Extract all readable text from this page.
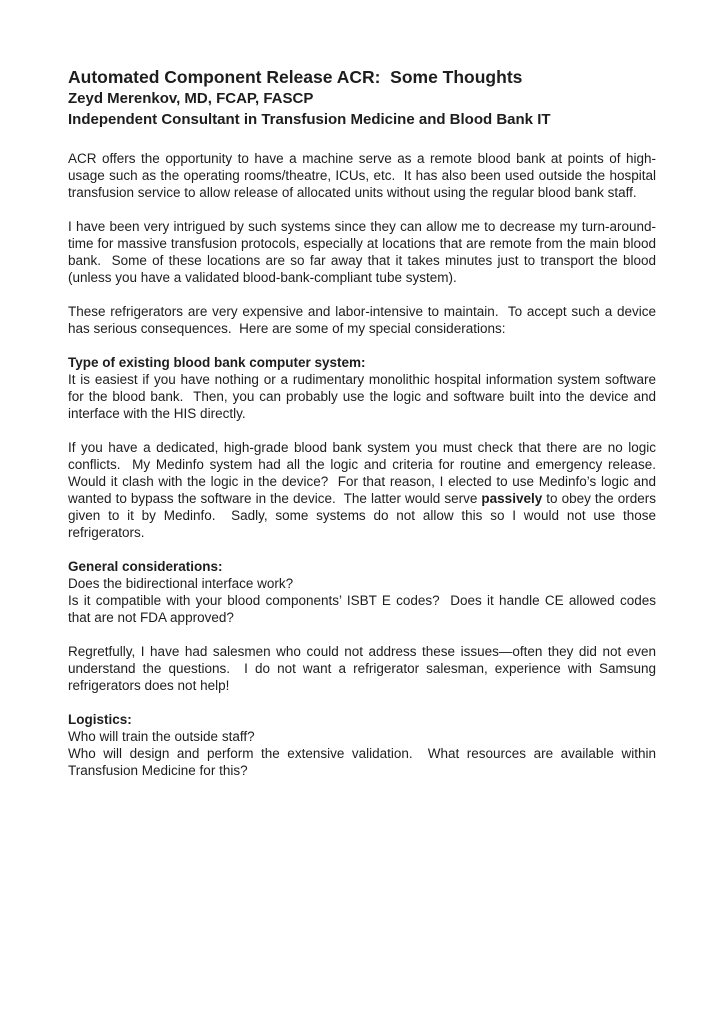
Automated Component Release ACR:  Some Thoughts
Zeyd Merenkov, MD, FCAP, FASCP
Independent Consultant in Transfusion Medicine and Blood Bank IT

ACR offers the opportunity to have a machine serve as a remote blood bank at points of high-usage such as the operating rooms/theatre, ICUs, etc.  It has also been used outside the hospital transfusion service to allow release of allocated units without using the regular blood bank staff.

I have been very intrigued by such systems since they can allow me to decrease my turn-around-time for massive transfusion protocols, especially at locations that are remote from the main blood bank.  Some of these locations are so far away that it takes minutes just to transport the blood (unless you have a validated blood-bank-compliant tube system).

These refrigerators are very expensive and labor-intensive to maintain.  To accept such a device has serious consequences.  Here are some of my special considerations:

Type of existing blood bank computer system:

It is easiest if you have nothing or a rudimentary monolithic hospital information system software for the blood bank.  Then, you can probably use the logic and software built into the device and interface with the HIS directly.

If you have a dedicated, high-grade blood bank system you must check that there are no logic conflicts.  My Medinfo system had all the logic and criteria for routine and emergency release.  Would it clash with the logic in the device?  For that reason, I elected to use Medinfo’s logic and wanted to bypass the software in the device.  The latter would serve passively to obey the orders given to it by Medinfo.  Sadly, some systems do not allow this so I would not use those refrigerators.

General considerations:
Does the bidirectional interface work?

Is it compatible with your blood components’ ISBT E codes?  Does it handle CE allowed codes that are not FDA approved?

Regretfully, I have had salesmen who could not address these issues—often they did not even understand the questions.  I do not want a refrigerator salesman, experience with Samsung refrigerators does not help!

Logistics:
Who will train the outside staff?

Who will design and perform the extensive validation.  What resources are available within Transfusion Medicine for this?
